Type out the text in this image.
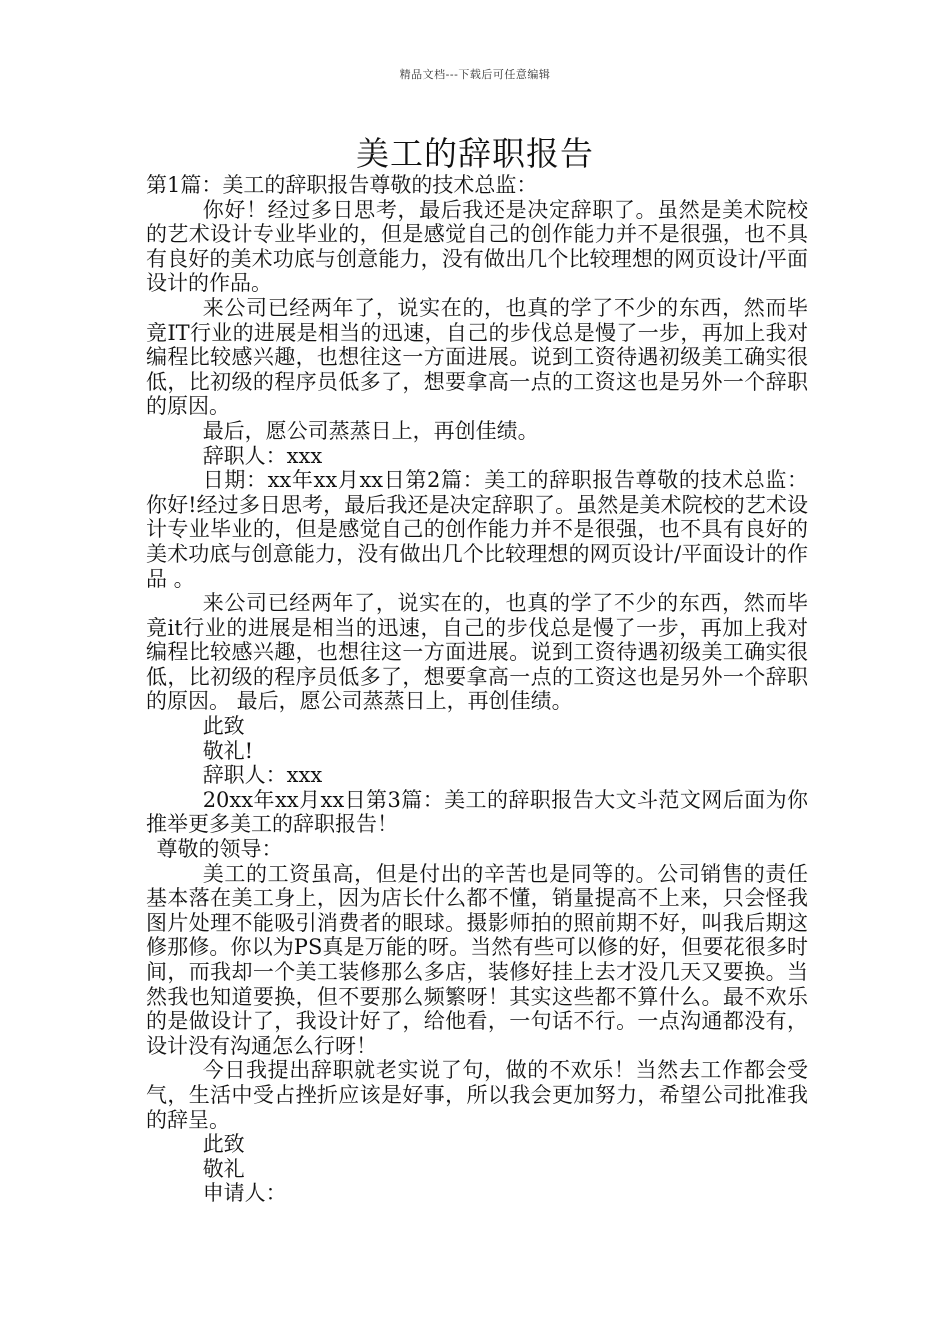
精品文档---下载后可任意编辑
美工的辞职报告

第1篇：美工的辞职报告尊敬的技术总监：

你好！经过多日思考，最后我还是决定辞职了。虽然是美术院校的艺术设计专业毕业的，但是感觉自己的创作能力并不是很强，也不具有良好的美术功底与创意能力，没有做出几个比较理想的网页设计/平面设计的作品。

来公司已经两年了，说实在的，也真的学了不少的东西，然而毕竟IT行业的进展是相当的迅速，自己的步伐总是慢了一步，再加上我对编程比较感兴趣，也想往这一方面进展。说到工资待遇初级美工确实很低，比初级的程序员低多了，想要拿高一点的工资这也是另外一个辞职的原因。

最后，愿公司蒸蒸日上，再创佳绩。

辞职人：xxx

日期：xx年xx月xx日第2篇：美工的辞职报告尊敬的技术总监： 你好!经过多日思考，最后我还是决定辞职了。虽然是美术院校的艺术设计专业毕业的，但是感觉自己的创作能力并不是很强，也不具有良好的美术功底与创意能力，没有做出几个比较理想的网页设计/平面设计的作品 。

来公司已经两年了，说实在的，也真的学了不少的东西，然而毕竟it行业的进展是相当的迅速，自己的步伐总是慢了一步，再加上我对编程比较感兴趣，也想往这一方面进展。说到工资待遇初级美工确实很低，比初级的程序员低多了，想要拿高一点的工资这也是另外一个辞职的原因。 最后，愿公司蒸蒸日上，再创佳绩。

此致

敬礼!

辞职人：xxx

20xx年xx月xx日第3篇：美工的辞职报告大文斗范文网后面为你推举更多美工的辞职报告！

尊敬的领导：

美工的工资虽高，但是付出的辛苦也是同等的。公司销售的责任基本落在美工身上，因为店长什么都不懂，销量提高不上来，只会怪我图片处理不能吸引消费者的眼球。摄影师拍的照前期不好，叫我后期这修那修。你以为PS真是万能的呀。当然有些可以修的好，但要花很多时间，而我却一个美工装修那么多店，装修好挂上去才没几天又要换。当然我也知道要换，但不要那么频繁呀！其实这些都不算什么。最不欢乐的是做设计了，我设计好了，给他看，一句话不行。一点沟通都没有，设计没有沟通怎么行呀！

今日我提出辞职就老实说了句，做的不欢乐！当然去工作都会受气，生活中受占挫折应该是好事，所以我会更加努力，希望公司批准我的辞呈。

此致

敬礼

申请人：
